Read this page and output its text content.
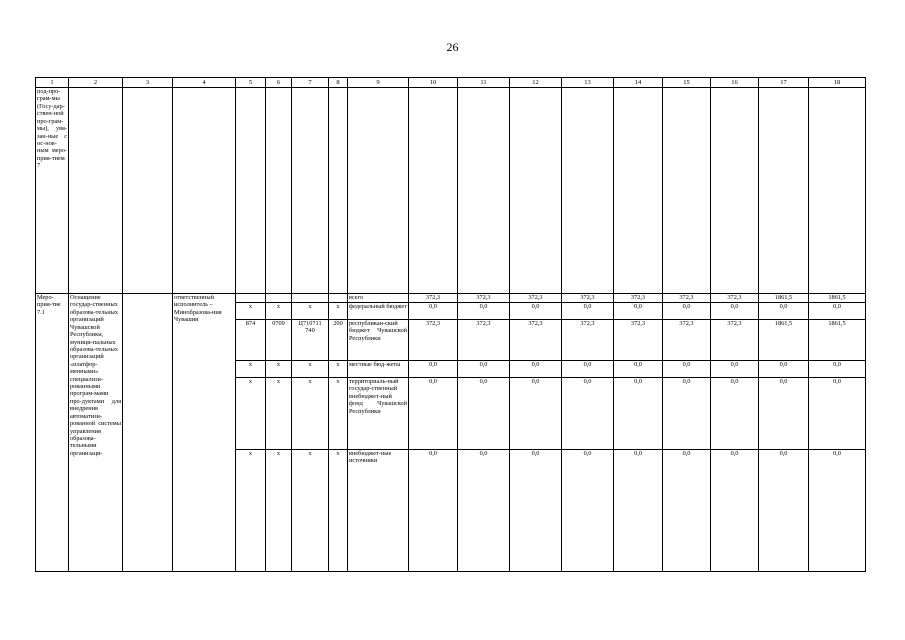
26
1	2	3	4	5	6	7	8	9	10	11	12	13	14	15	16	17	18
под-про-грам-мы (Госу-дар-ствен-ной про-грам-мы), увя-зан-ные с ос-нов-ным меро-прия-тием 7																	
Меро-прия-тие 7.1	Оснащение государ-ственных образова-тельных организаций Чувашской Республики, муници-пальных образова-тельных организаций «платфор-менными» специализи-рованными програм-мами про-дуктами для внедрения автоматизи-рованной системы управления образова-тельными организаци-		ответственный исполнитель – Минобразова-ния Чувашии					всего	372,3	372,3	372,3	372,3	372,3	372,3	372,3	1861,5	1861,5
				x	x	x	x	федеральный бюджет	0,0	0,0	0,0	0,0	0,0	0,0	0,0	0,0	0,0
				874	0709	Ц710711 740	200	республикан-ский бюджет Чувашской Республики	372,3	372,3	372,3	372,3	372,3	372,3	372,3	1861,5	1861,5
				x	x	x	x	местные бюд-жеты	0,0	0,0	0,0	0,0	0,0	0,0	0,0	0,0	0,0
				x	x	x	x	территориаль-ный государ-ственный внебюджет-ный фонд Чувашской Республики	0,0	0,0	0,0	0,0	0,0	0,0	0,0	0,0	0,0
				x	x	x	x	внебюджет-ные источники	0,0	0,0	0,0	0,0	0,0	0,0	0,0	0,0	0,0
